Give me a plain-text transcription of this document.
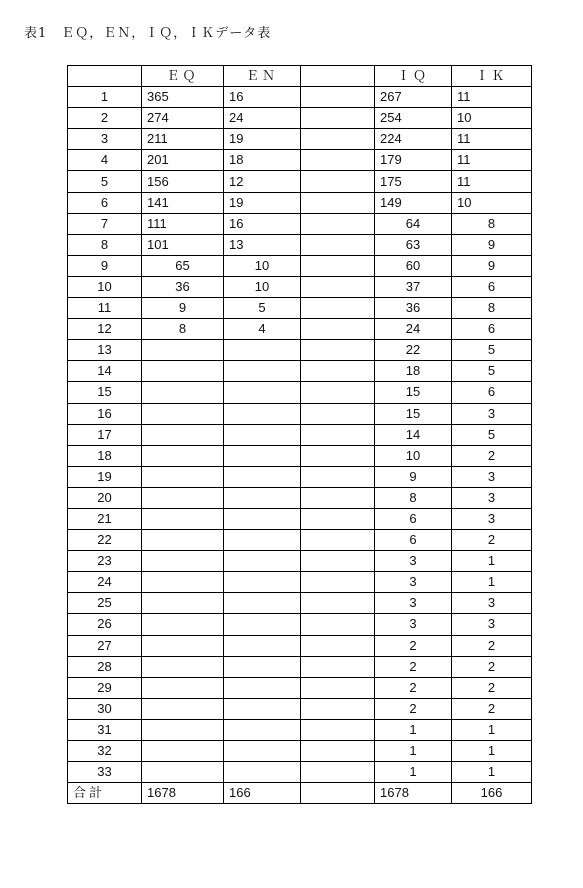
表1　ＥＱ，ＥＮ，ＩＱ，ＩＫデータ表
	ＥＱ	ＥＮ		ＩＱ	ＩＫ
1	365	16		267	11
2	274	24		254	10
3	211	19		224	11
4	201	18		179	11
5	156	12		175	11
6	141	19		149	10
7	111	16		64	8
8	101	13		63	9
9	65	10		60	9
10	36	10		37	6
11	9	5		36	8
12	8	4		24	6
13				22	5
14				18	5
15				15	6
16				15	3
17				14	5
18				10	2
19				9	3
20				8	3
21				6	3
22				6	2
23				3	1
24				3	1
25				3	3
26				3	3
27				2	2
28				2	2
29				2	2
30				2	2
31				1	1
32				1	1
33				1	1
合計	1678	166		1678	166
